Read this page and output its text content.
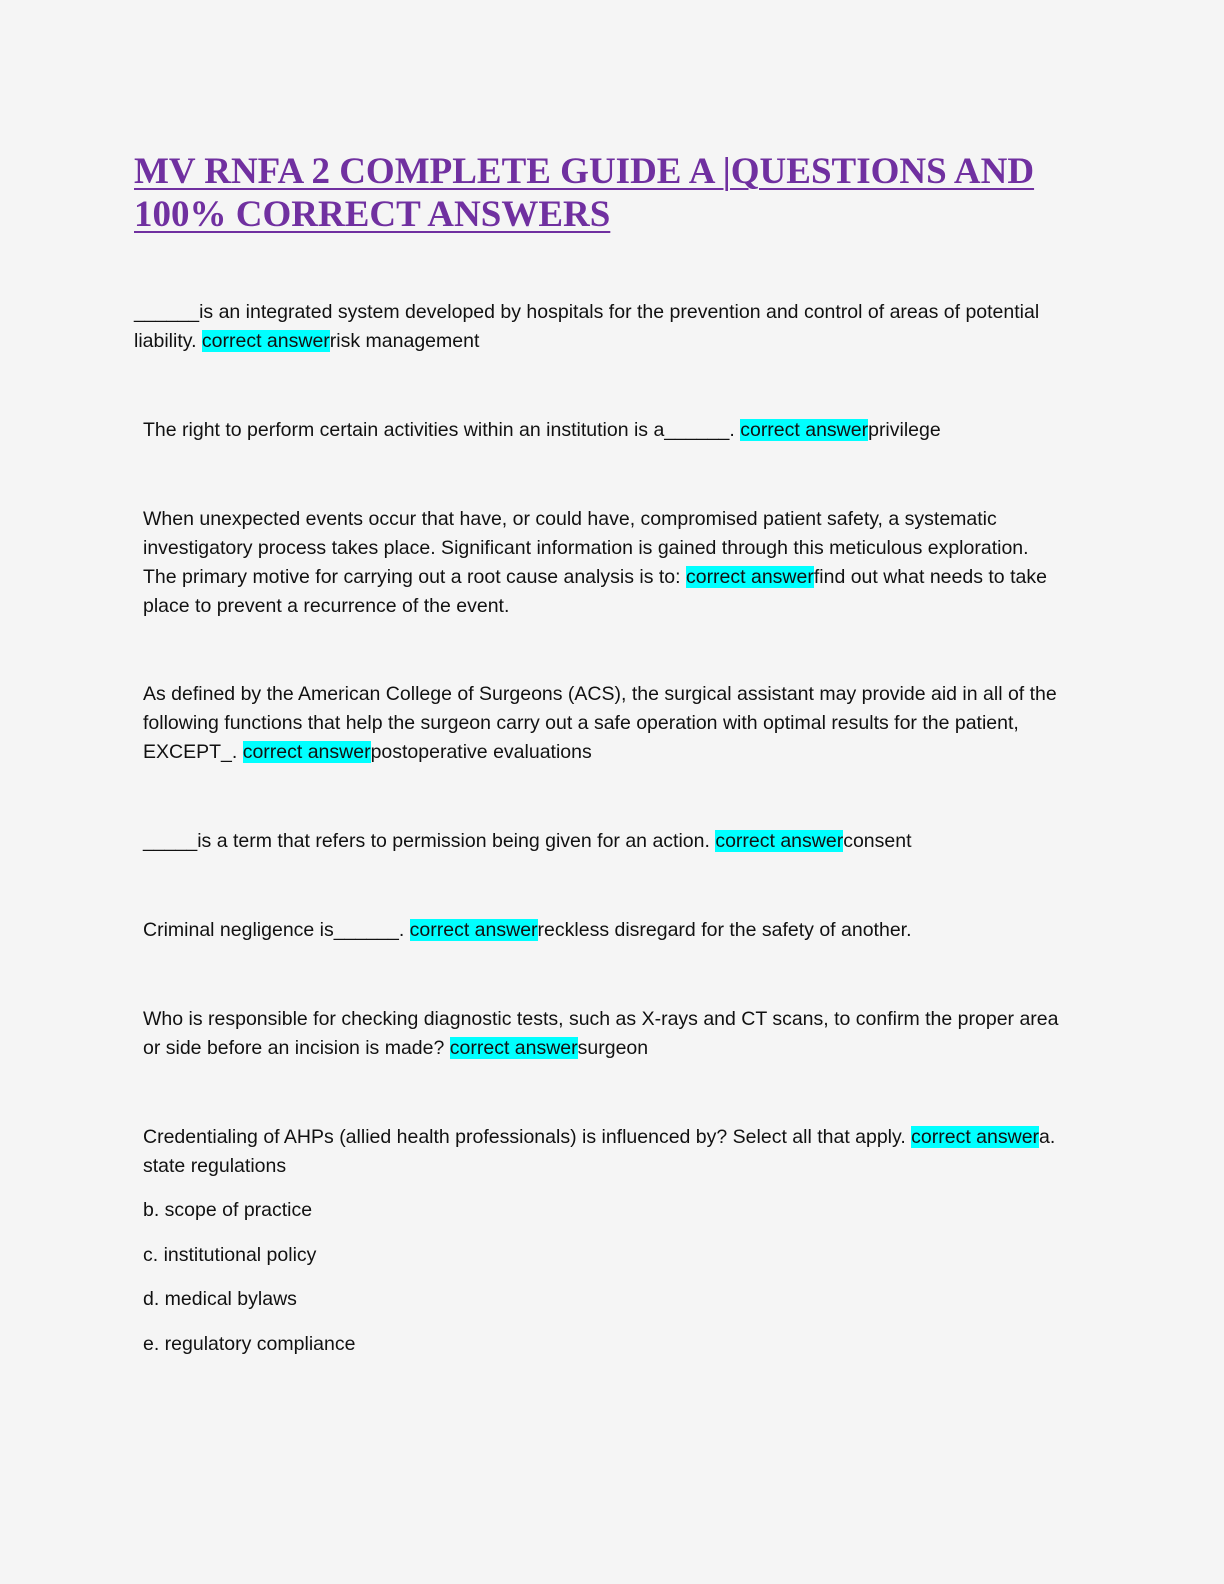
MV RNFA 2 COMPLETE GUIDE A |QUESTIONS AND
100% CORRECT ANSWERS

______is an integrated system developed by hospitals for the prevention and control of areas of potential liability. correct answerrisk management

The right to perform certain activities within an institution is a______. correct answerprivilege

When unexpected events occur that have, or could have, compromised patient safety, a systematic investigatory process takes place. Significant information is gained through this meticulous exploration. The primary motive for carrying out a root cause analysis is to: correct answerfind out what needs to take place to prevent a recurrence of the event.

As defined by the American College of Surgeons (ACS), the surgical assistant may provide aid in all of the following functions that help the surgeon carry out a safe operation with optimal results for the patient, EXCEPT_. correct answerpostoperative evaluations

_____is a term that refers to permission being given for an action. correct answerconsent

Criminal negligence is______. correct answerreckless disregard for the safety of another.

Who is responsible for checking diagnostic tests, such as X-rays and CT scans, to confirm the proper area or side before an incision is made? correct answersurgeon

Credentialing of AHPs (allied health professionals) is influenced by? Select all that apply. correct answera. state regulations

b. scope of practice

c. institutional policy

d. medical bylaws

e. regulatory compliance
